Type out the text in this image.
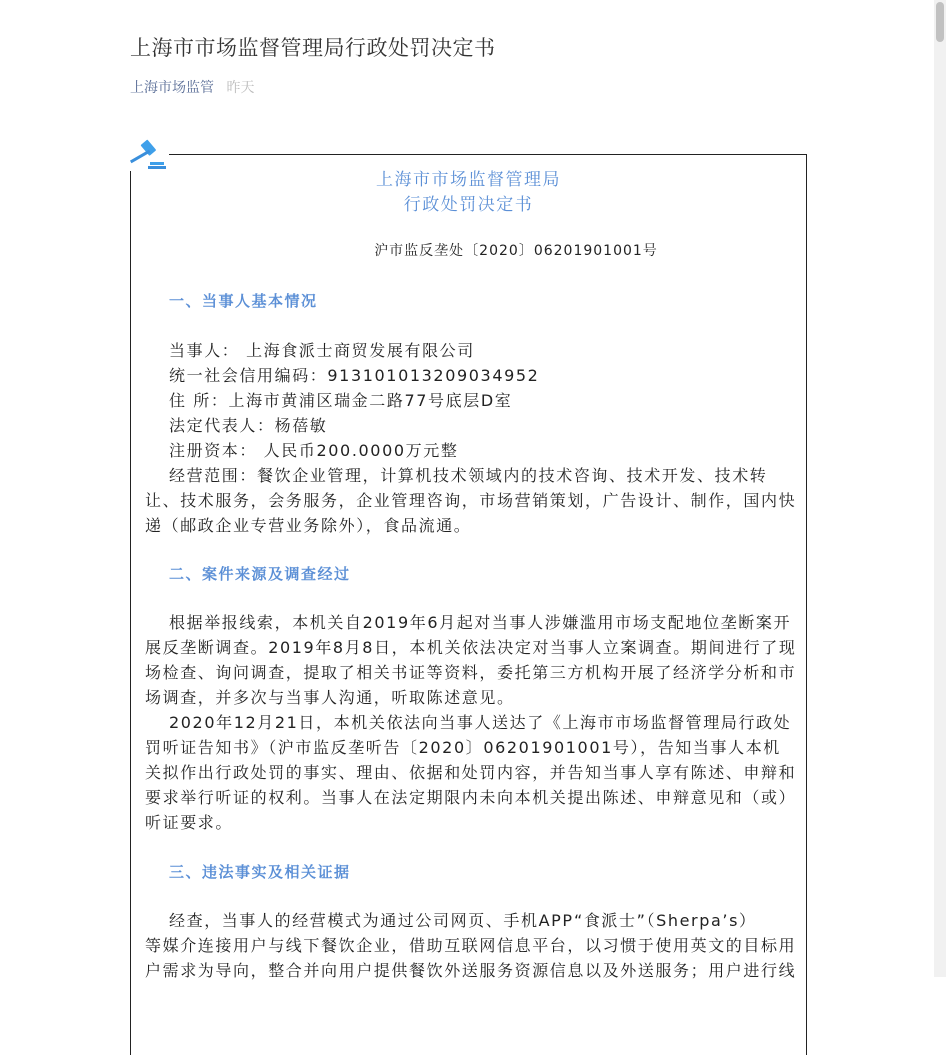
上海市市场监督管理局行政处罚决定书
上海市场监管 昨天
上海市市场监督管理局
行政处罚决定书
沪市监反垄处〔2020〕06201901001号
一、当事人基本情况
当事人： 上海食派士商贸发展有限公司
统一社会信用编码：913101013209034952
住 所：上海市黄浦区瑞金二路77号底层D室
法定代表人：杨蓓敏
注册资本： 人民币200.0000万元整
经营范围：餐饮企业管理，计算机技术领域内的技术咨询、技术开发、技术转
让、技术服务，会务服务，企业管理咨询，市场营销策划，广告设计、制作，国内快
递（邮政企业专营业务除外），食品流通。
二、案件来源及调查经过
根据举报线索，本机关自2019年6月起对当事人涉嫌滥用市场支配地位垄断案开
展反垄断调查。2019年8月8日，本机关依法决定对当事人立案调查。期间进行了现
场检查、询问调查，提取了相关书证等资料，委托第三方机构开展了经济学分析和市
场调查，并多次与当事人沟通，听取陈述意见。
2020年12月21日，本机关依法向当事人送达了《上海市市场监督管理局行政处
罚听证告知书》（沪市监反垄听告〔2020〕06201901001号），告知当事人本机
关拟作出行政处罚的事实、理由、依据和处罚内容，并告知当事人享有陈述、申辩和
要求举行听证的权利。当事人在法定期限内未向本机关提出陈述、申辩意见和（或）
听证要求。
三、违法事实及相关证据
经查，当事人的经营模式为通过公司网页、手机APP“食派士”（Sherpa’s）
等媒介连接用户与线下餐饮企业，借助互联网信息平台，以习惯于使用英文的目标用
户需求为导向，整合并向用户提供餐饮外送服务资源信息以及外送服务；用户进行线
